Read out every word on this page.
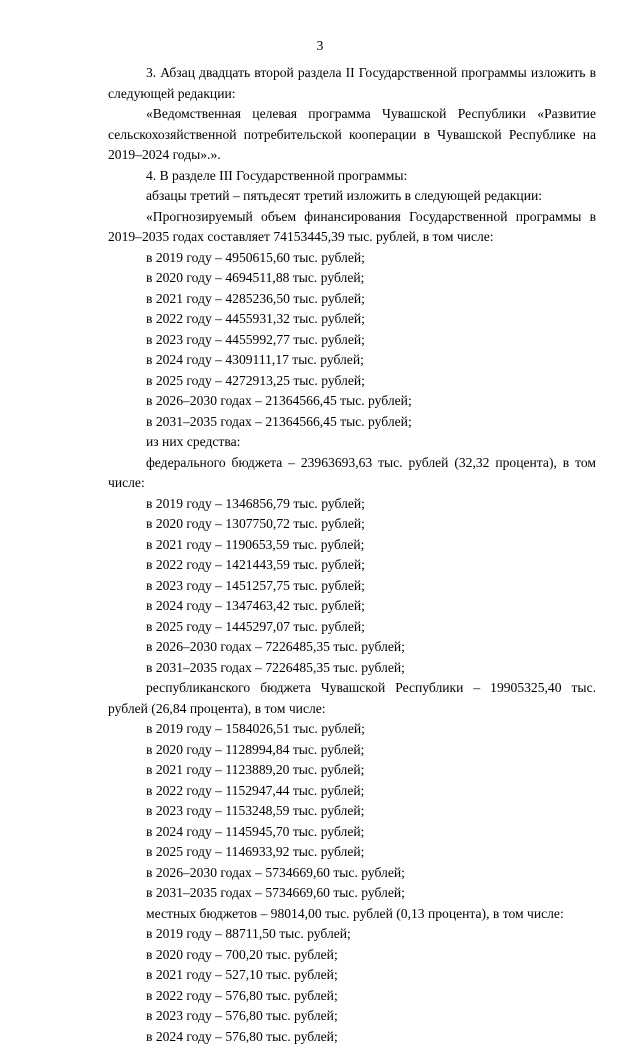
3

3. Абзац двадцать второй раздела II Государственной программы изложить в следующей редакции:

«Ведомственная целевая программа Чувашской Республики «Развитие сельскохозяйственной потребительской кооперации в Чувашской Республике на 2019–2024 годы».».

4. В разделе III Государственной программы:

абзацы третий – пятьдесят третий изложить в следующей редакции:

«Прогнозируемый объем финансирования Государственной программы в 2019–2035 годах составляет 74153445,39 тыс. рублей, в том числе:

в 2019 году – 4950615,60 тыс. рублей;

в 2020 году – 4694511,88 тыс. рублей;

в 2021 году – 4285236,50 тыс. рублей;

в 2022 году – 4455931,32 тыс. рублей;

в 2023 году – 4455992,77 тыс. рублей;

в 2024 году – 4309111,17 тыс. рублей;

в 2025 году – 4272913,25 тыс. рублей;

в 2026–2030 годах – 21364566,45 тыс. рублей;

в 2031–2035 годах – 21364566,45 тыс. рублей;

из них средства:

федерального бюджета – 23963693,63 тыс. рублей (32,32 процента), в том числе:

в 2019 году – 1346856,79 тыс. рублей;

в 2020 году – 1307750,72 тыс. рублей;

в 2021 году – 1190653,59 тыс. рублей;

в 2022 году – 1421443,59 тыс. рублей;

в 2023 году – 1451257,75 тыс. рублей;

в 2024 году – 1347463,42 тыс. рублей;

в 2025 году – 1445297,07 тыс. рублей;

в 2026–2030 годах – 7226485,35 тыс. рублей;

в 2031–2035 годах – 7226485,35 тыс. рублей;

республиканского бюджета Чувашской Республики – 19905325,40 тыс. рублей (26,84 процента), в том числе:

в 2019 году – 1584026,51 тыс. рублей;

в 2020 году – 1128994,84 тыс. рублей;

в 2021 году – 1123889,20 тыс. рублей;

в 2022 году – 1152947,44 тыс. рублей;

в 2023 году – 1153248,59 тыс. рублей;

в 2024 году – 1145945,70 тыс. рублей;

в 2025 году – 1146933,92 тыс. рублей;

в 2026–2030 годах – 5734669,60 тыс. рублей;

в 2031–2035 годах – 5734669,60 тыс. рублей;

местных бюджетов – 98014,00 тыс. рублей (0,13 процента), в том числе:

в 2019 году – 88711,50 тыс. рублей;

в 2020 году – 700,20 тыс. рублей;

в 2021 году – 527,10 тыс. рублей;

в 2022 году – 576,80 тыс. рублей;

в 2023 году – 576,80 тыс. рублей;

в 2024 году – 576,80 тыс. рублей;
